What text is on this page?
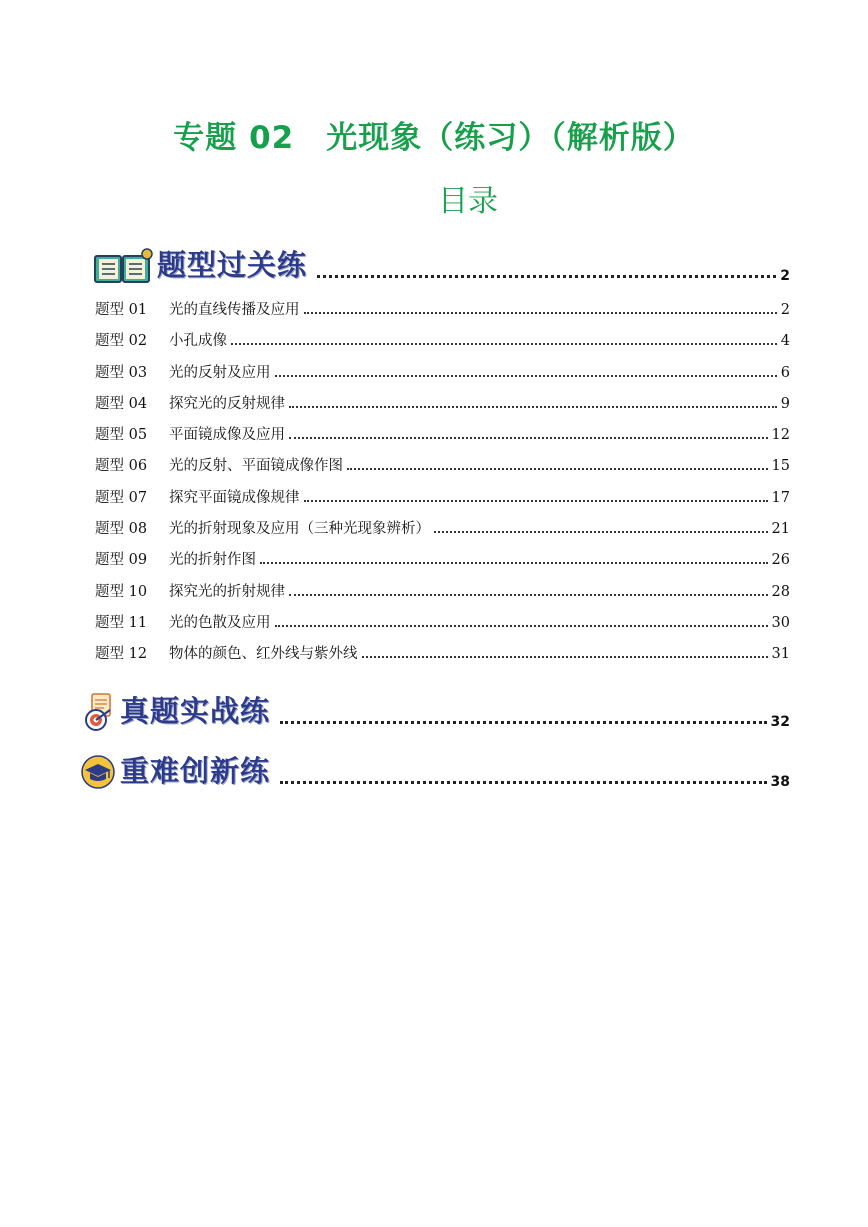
专题 02　光现象（练习）（解析版）
目录
题型过关练	2
题型 01	光的直线传播及应用	2
题型 02	小孔成像	4
题型 03	光的反射及应用	6
题型 04	探究光的反射规律	9
题型 05	平面镜成像及应用	12
题型 06	光的反射、平面镜成像作图	15
题型 07	探究平面镜成像规律	17
题型 08	光的折射现象及应用（三种光现象辨析）	21
题型 09	光的折射作图	26
题型 10	探究光的折射规律	28
题型 11	光的色散及应用	30
题型 12	物体的颜色、红外线与紫外线	31
真题实战练	32
重难创新练	38
